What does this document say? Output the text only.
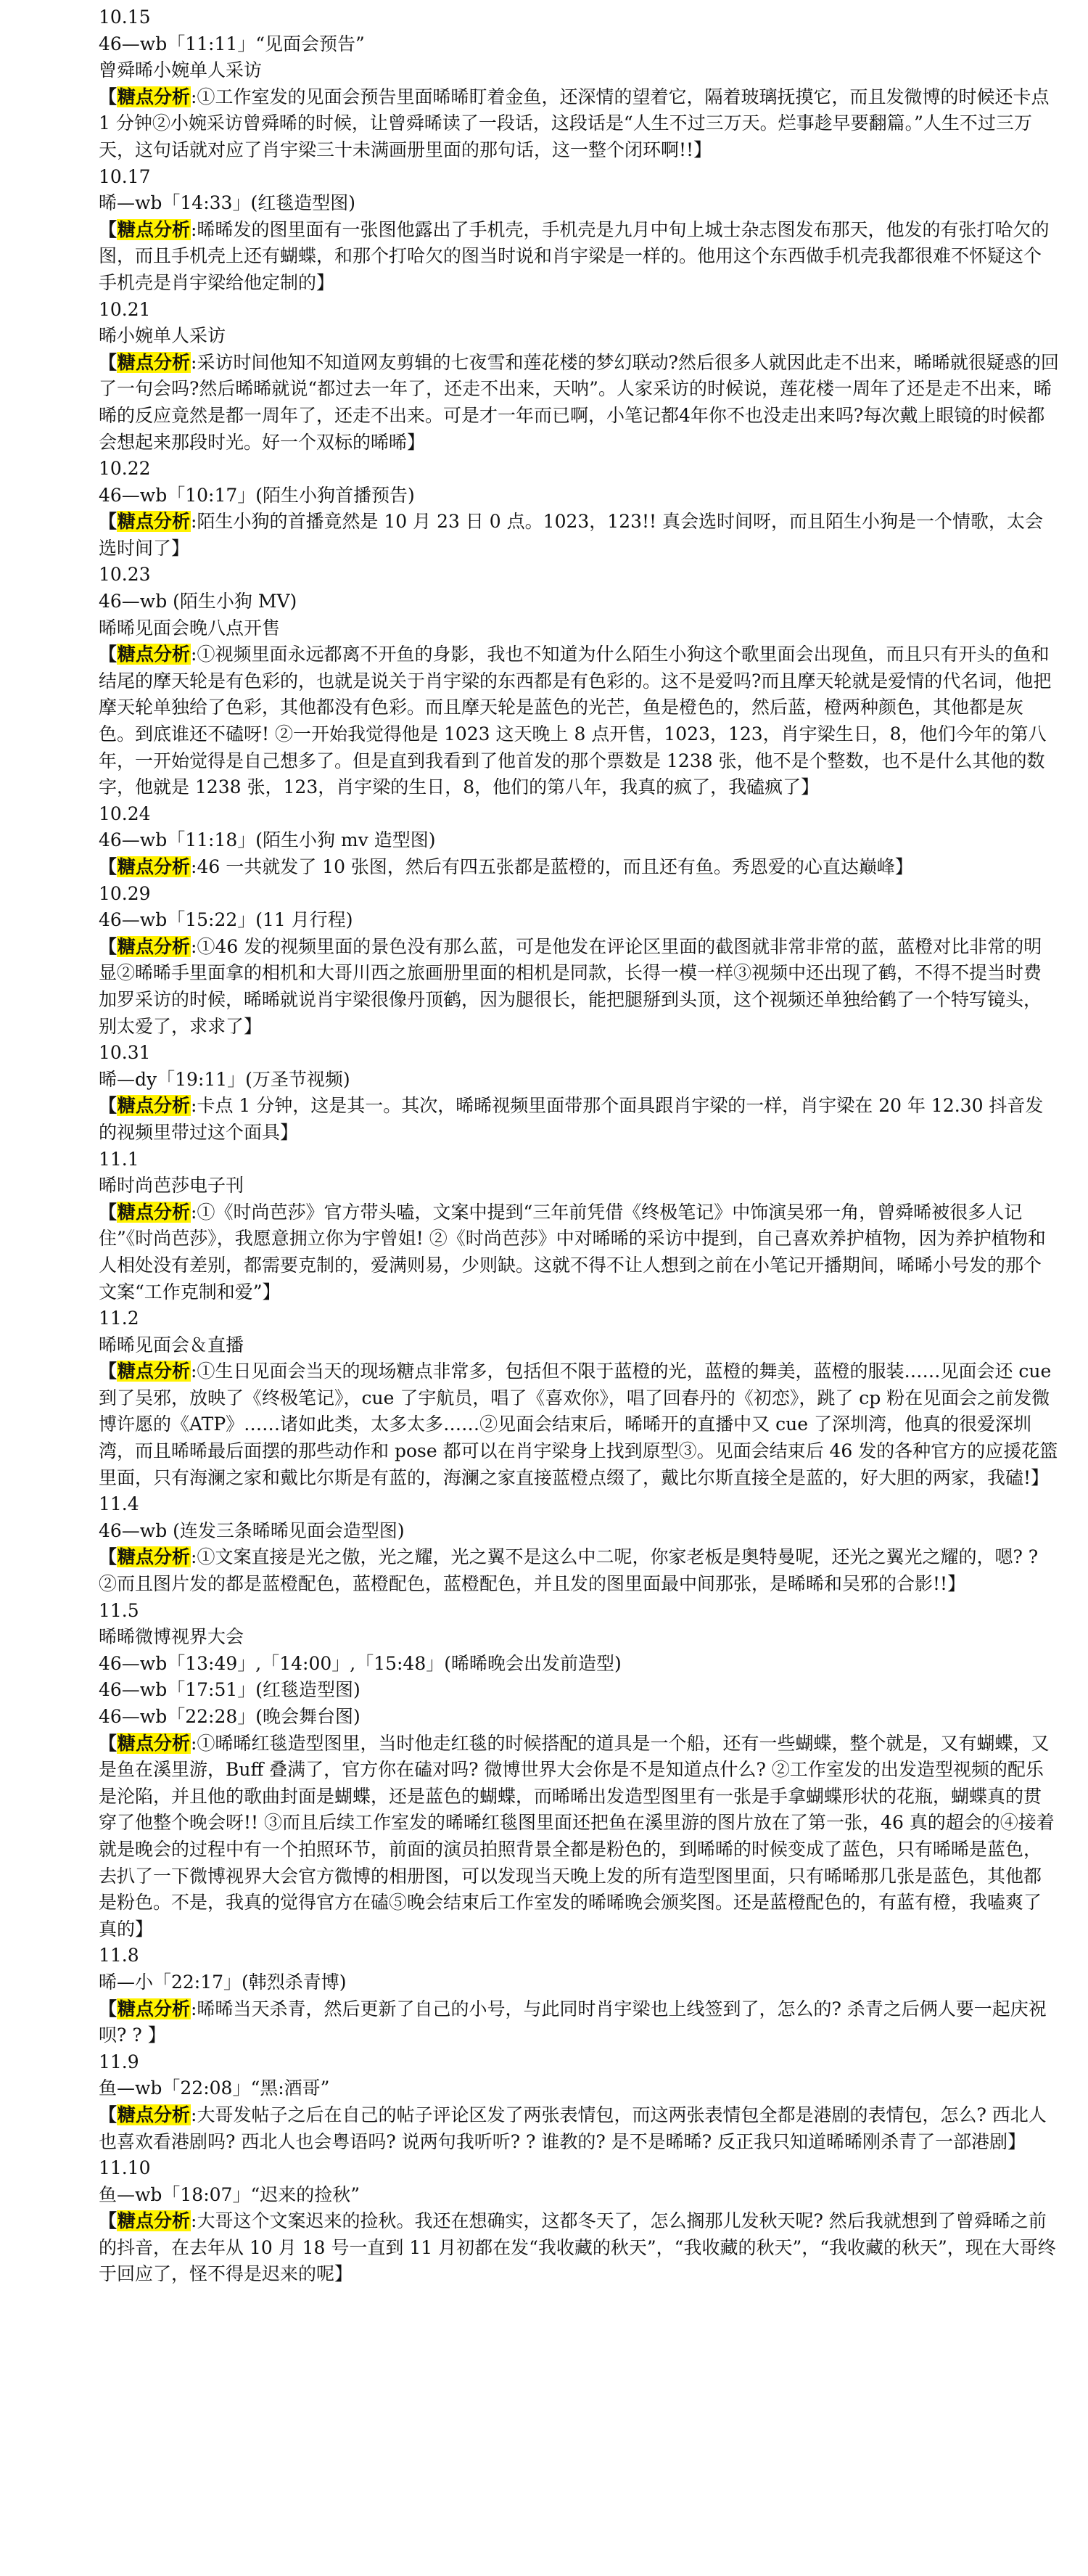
10.15

46—wb「11:11」“见面会预告”

曾舜晞小婉单人采访

【糖点分析:①工作室发的见面会预告里面晞晞盯着金鱼，还深情的望着它，隔着玻璃抚摸它，而且发微博的时候还卡点 1 分钟②小婉采访曾舜晞的时候，让曾舜晞读了一段话，这段话是“人生不过三万天。烂事趁早要翻篇。”人生不过三万天，这句话就对应了肖宇梁三十未满画册里面的那句话，这一整个闭环啊!!】

10.17

晞—wb「14:33」(红毯造型图)

【糖点分析:晞晞发的图里面有一张图他露出了手机壳，手机壳是九月中旬上城士杂志图发布那天，他发的有张打哈欠的图，而且手机壳上还有蝴蝶，和那个打哈欠的图当时说和肖宇梁是一样的。他用这个东西做手机壳我都很难不怀疑这个手机壳是肖宇梁给他定制的】

10.21

晞小婉单人采访

【糖点分析:采访时间他知不知道网友剪辑的七夜雪和莲花楼的梦幻联动?然后很多人就因此走不出来，晞晞就很疑惑的回了一句会吗?然后晞晞就说“都过去一年了，还走不出来，天呐”。人家采访的时候说，莲花楼一周年了还是走不出来，晞晞的反应竟然是都一周年了，还走不出来。可是才一年而已啊，小笔记都4年你不也没走出来吗?每次戴上眼镜的时候都会想起来那段时光。好一个双标的晞晞】

10.22

46—wb「10:17」(陌生小狗首播预告)

【糖点分析:陌生小狗的首播竟然是 10 月 23 日 0 点。1023，123!! 真会选时间呀，而且陌生小狗是一个情歌，太会选时间了】

10.23

46—wb (陌生小狗 MV)

晞晞见面会晚八点开售

【糖点分析:①视频里面永远都离不开鱼的身影，我也不知道为什么陌生小狗这个歌里面会出现鱼，而且只有开头的鱼和结尾的摩天轮是有色彩的，也就是说关于肖宇梁的东西都是有色彩的。这不是爱吗?而且摩天轮就是爱情的代名词，他把摩天轮单独给了色彩，其他都没有色彩。而且摩天轮是蓝色的光芒，鱼是橙色的，然后蓝，橙两种颜色，其他都是灰色。到底谁还不磕呀! ②一开始我觉得他是 1023 这天晚上 8 点开售，1023，123，肖宇梁生日，8，他们今年的第八年，一开始觉得是自己想多了。但是直到我看到了他首发的那个票数是 1238 张，他不是个整数，也不是什么其他的数字，他就是 1238 张，123，肖宇梁的生日，8，他们的第八年，我真的疯了，我磕疯了】

10.24

46—wb「11:18」(陌生小狗 mv 造型图)

【糖点分析:46 一共就发了 10 张图，然后有四五张都是蓝橙的，而且还有鱼。秀恩爱的心直达巅峰】

10.29

46—wb「15:22」(11 月行程)

【糖点分析:①46 发的视频里面的景色没有那么蓝，可是他发在评论区里面的截图就非常非常的蓝，蓝橙对比非常的明显②晞晞手里面拿的相机和大哥川西之旅画册里面的相机是同款，长得一模一样③视频中还出现了鹤，不得不提当时费加罗采访的时候，晞晞就说肖宇梁很像丹顶鹤，因为腿很长，能把腿掰到头顶，这个视频还单独给鹤了一个特写镜头，别太爱了，求求了】

10.31

晞—dy「19:11」(万圣节视频)

【糖点分析:卡点 1 分钟，这是其一。其次，晞晞视频里面带那个面具跟肖宇梁的一样，肖宇梁在 20 年 12.30 抖音发的视频里带过这个面具】

11.1

晞时尚芭莎电子刊

【糖点分析:①《时尚芭莎》官方带头嗑，文案中提到“三年前凭借《终极笔记》中饰演吴邪一角，曾舜晞被很多人记住”《时尚芭莎》，我愿意拥立你为宇曾姐! ②《时尚芭莎》中对晞晞的采访中提到，自己喜欢养护植物，因为养护植物和人相处没有差别，都需要克制的，爱满则易，少则缺。这就不得不让人想到之前在小笔记开播期间，晞晞小号发的那个文案“工作克制和爱”】

11.2

晞晞见面会＆直播

【糖点分析:①生日见面会当天的现场糖点非常多，包括但不限于蓝橙的光，蓝橙的舞美，蓝橙的服装……见面会还 cue 到了吴邪，放映了《终极笔记》，cue 了宇航员，唱了《喜欢你》，唱了回春丹的《初恋》，跳了 cp 粉在见面会之前发微博许愿的《ATP》……诸如此类，太多太多……②见面会结束后，晞晞开的直播中又 cue 了深圳湾，他真的很爱深圳湾，而且晞晞最后面摆的那些动作和 pose 都可以在肖宇梁身上找到原型③。见面会结束后 46 发的各种官方的应援花篮里面，只有海澜之家和戴比尔斯是有蓝的，海澜之家直接蓝橙点缀了，戴比尔斯直接全是蓝的，好大胆的两家，我磕!】

11.4

46—wb (连发三条晞晞见面会造型图)

【糖点分析:①文案直接是光之傲，光之耀，光之翼不是这么中二呢，你家老板是奥特曼呢，还光之翼光之耀的，嗯? ? ②而且图片发的都是蓝橙配色，蓝橙配色，蓝橙配色，并且发的图里面最中间那张，是晞晞和吴邪的合影!!】

11.5

晞晞微博视界大会

46—wb「13:49」,「14:00」,「15:48」(晞晞晚会出发前造型)

46—wb「17:51」(红毯造型图)

46—wb「22:28」(晚会舞台图)

【糖点分析:①晞晞红毯造型图里，当时他走红毯的时候搭配的道具是一个船，还有一些蝴蝶，整个就是，又有蝴蝶，又是鱼在溪里游，Buff 叠满了，官方你在磕对吗? 微博世界大会你是不是知道点什么? ②工作室发的出发造型视频的配乐是沦陷，并且他的歌曲封面是蝴蝶，还是蓝色的蝴蝶，而晞晞出发造型图里有一张是手拿蝴蝶形状的花瓶，蝴蝶真的贯穿了他整个晚会呀!! ③而且后续工作室发的晞晞红毯图里面还把鱼在溪里游的图片放在了第一张，46 真的超会的④接着就是晚会的过程中有一个拍照环节，前面的演员拍照背景全都是粉色的，到晞晞的时候变成了蓝色，只有晞晞是蓝色，去扒了一下微博视界大会官方微博的相册图，可以发现当天晚上发的所有造型图里面，只有晞晞那几张是蓝色，其他都是粉色。不是，我真的觉得官方在磕⑤晚会结束后工作室发的晞晞晚会颁奖图。还是蓝橙配色的，有蓝有橙，我嗑爽了真的】

11.8

晞—小「22:17」(韩烈杀青博)

【糖点分析:晞晞当天杀青，然后更新了自己的小号，与此同时肖宇梁也上线签到了，怎么的? 杀青之后俩人要一起庆祝呗? ? 】

11.9

鱼—wb「22:08」“黑:酒哥”

【糖点分析:大哥发帖子之后在自己的帖子评论区发了两张表情包，而这两张表情包全都是港剧的表情包，怎么? 西北人也喜欢看港剧吗? 西北人也会粤语吗? 说两句我听听? ? 谁教的? 是不是晞晞? 反正我只知道晞晞刚杀青了一部港剧】

11.10

鱼—wb「18:07」“迟来的捡秋”

【糖点分析:大哥这个文案迟来的捡秋。我还在想确实，这都冬天了，怎么搁那儿发秋天呢? 然后我就想到了曾舜晞之前的抖音，在去年从 10 月 18 号一直到 11 月初都在发“我收藏的秋天”，“我收藏的秋天”，“我收藏的秋天”，现在大哥终于回应了，怪不得是迟来的呢】
